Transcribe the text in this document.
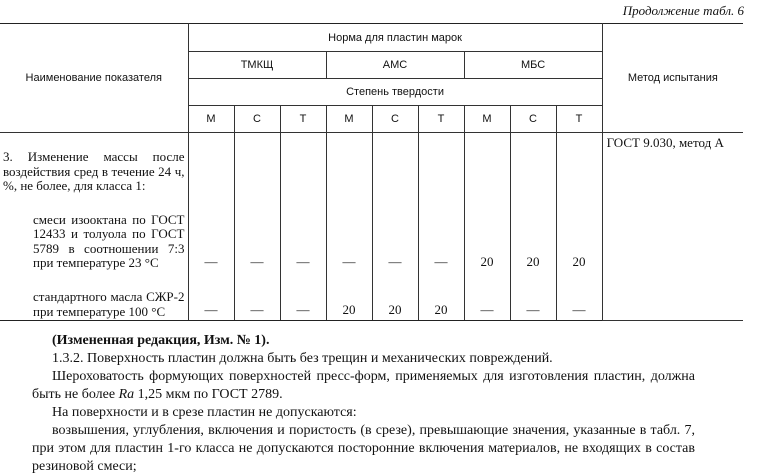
Продолжение табл. 6
Наименование показателя	Норма для пластин марок									Метод испытания
	ТМКЩ			АМС			МБС			
	Степень твердости									
	М	С	Т	М	С	Т	М	С	Т	
3. Изменение массы после воздействия сред в течение 24 ч, %, не более, для класса 1:										ГОСТ 9.030, метод А
смеси изооктана по ГОСТ 12433 и толуола по ГОСТ 5789 в соотношении 7:3 при температуре 23 °С	—	—	—	—	—	—	20	20	20	
стандартного масла СЖР-2 при температуре 100 °С	—	—	—	20	20	20	—	—	—	
(Измененная редакция, Изм. № 1).
1.3.2. Поверхность пластин должна быть без трещин и механических повреждений.
Шероховатость формующих поверхностей пресс-форм, применяемых для изготовления пластин, должна быть не более Ra 1,25 мкм по ГОСТ 2789.
На поверхности и в срезе пластин не допускаются:
возвышения, углубления, включения и пористость (в срезе), превышающие значения, указанные в табл. 7, при этом для пластин 1-го класса не допускаются посторонние включения материалов, не входящих в состав резиновой смеси;
